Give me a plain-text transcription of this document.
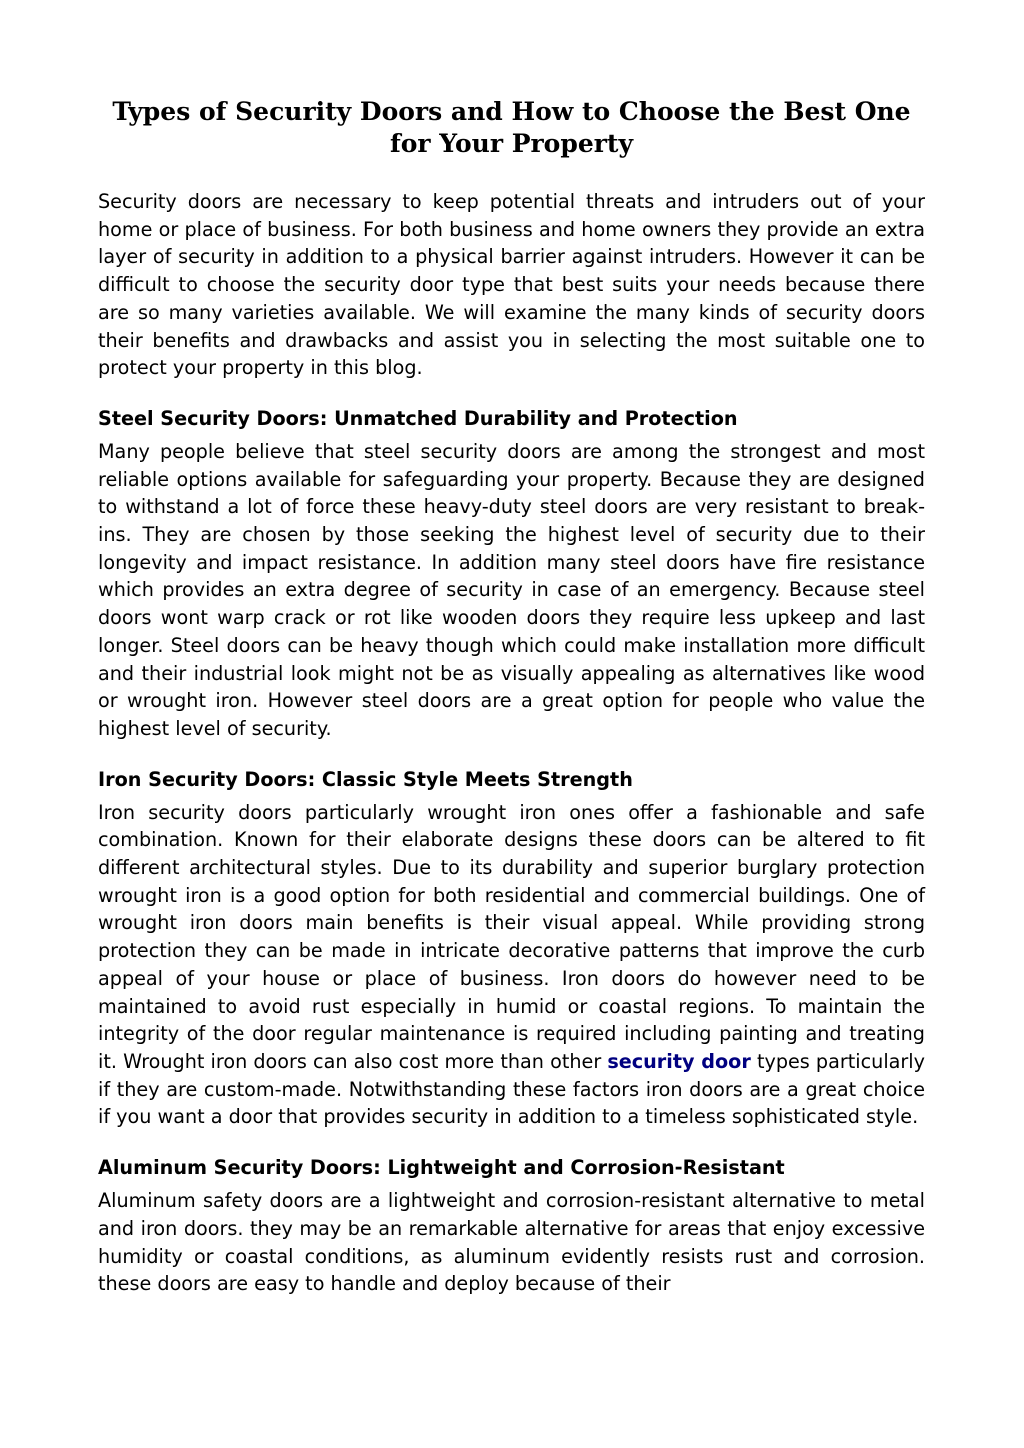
Types of Security Doors and How to Choose the Best One for Your Property

Security doors are necessary to keep potential threats and intruders out of your home or place of business. For both business and home owners they provide an extra layer of security in addition to a physical barrier against intruders. However it can be difficult to choose the security door type that best suits your needs because there are so many varieties available. We will examine the many kinds of security doors their benefits and drawbacks and assist you in selecting the most suitable one to protect your property in this blog.

Steel Security Doors: Unmatched Durability and Protection

Many people believe that steel security doors are among the strongest and most reliable options available for safeguarding your property. Because they are designed to withstand a lot of force these heavy-duty steel doors are very resistant to break-ins. They are chosen by those seeking the highest level of security due to their longevity and impact resistance. In addition many steel doors have fire resistance which provides an extra degree of security in case of an emergency. Because steel doors wont warp crack or rot like wooden doors they require less upkeep and last longer. Steel doors can be heavy though which could make installation more difficult and their industrial look might not be as visually appealing as alternatives like wood or wrought iron. However steel doors are a great option for people who value the highest level of security.

Iron Security Doors: Classic Style Meets Strength

Iron security doors particularly wrought iron ones offer a fashionable and safe combination. Known for their elaborate designs these doors can be altered to fit different architectural styles. Due to its durability and superior burglary protection wrought iron is a good option for both residential and commercial buildings. One of wrought iron doors main benefits is their visual appeal. While providing strong protection they can be made in intricate decorative patterns that improve the curb appeal of your house or place of business. Iron doors do however need to be maintained to avoid rust especially in humid or coastal regions. To maintain the integrity of the door regular maintenance is required including painting and treating it. Wrought iron doors can also cost more than other security door types particularly if they are custom-made. Notwithstanding these factors iron doors are a great choice if you want a door that provides security in addition to a timeless sophisticated style.

Aluminum Security Doors: Lightweight and Corrosion-Resistant

Aluminum safety doors are a lightweight and corrosion-resistant alternative to metal and iron doors. they may be an remarkable alternative for areas that enjoy excessive humidity or coastal conditions, as aluminum evidently resists rust and corrosion. these doors are easy to handle and deploy because of their
